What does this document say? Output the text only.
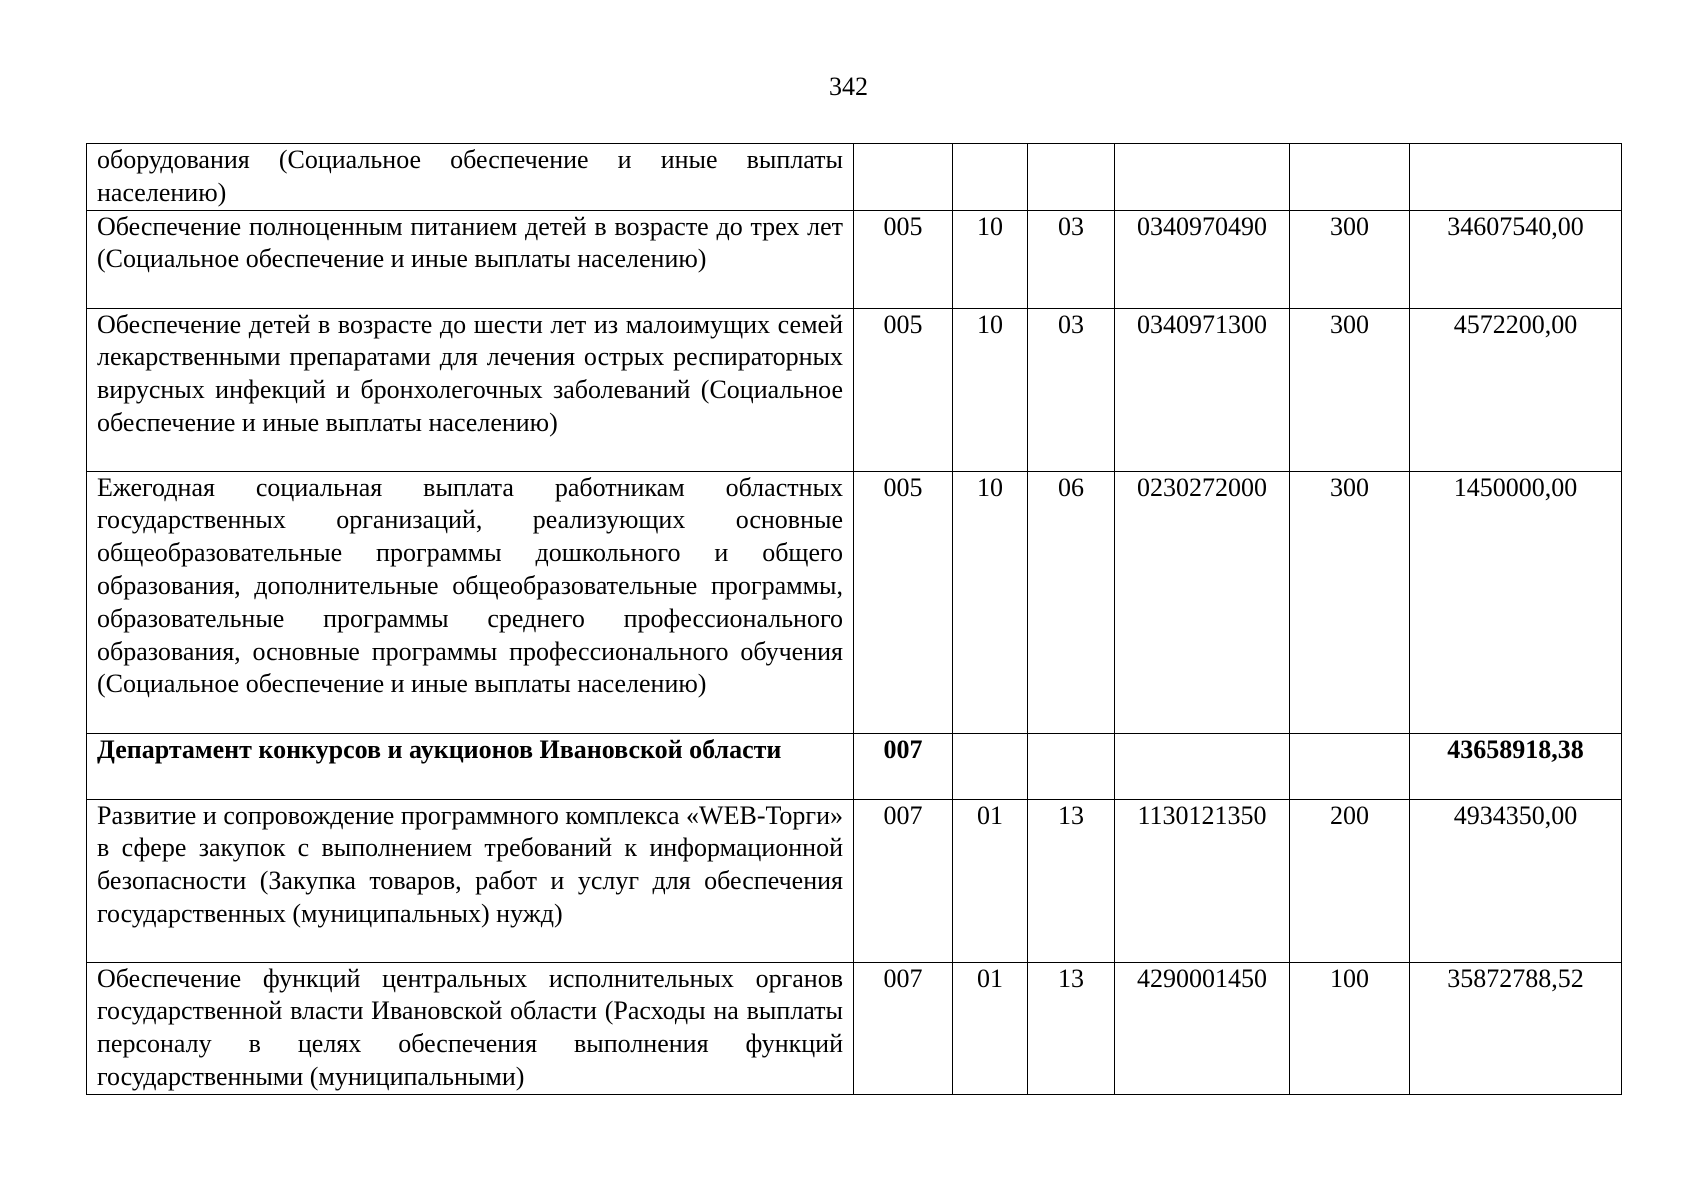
342
оборудования (Социальное обеспечение и иные выплаты населению)						
Обеспечение полноценным питанием детей в возрасте до трех лет (Социальное обеспечение и иные выплаты населению)	005	10	03	0340970490	300	34607540,00
Обеспечение детей в возрасте до шести лет из малоимущих семей лекарственными препаратами для лечения острых респираторных вирусных инфекций и бронхолегочных заболеваний (Социальное обеспечение и иные выплаты населению)	005	10	03	0340971300	300	4572200,00
Ежегодная социальная выплата работникам областных государственных организаций, реализующих основные общеобразовательные программы дошкольного и общего образования, дополнительные общеобразовательные программы, образовательные программы среднего профессионального образования, основные программы профессионального обучения (Социальное обеспечение и иные выплаты населению)	005	10	06	0230272000	300	1450000,00
Департамент конкурсов и аукционов Ивановской области	007					43658918,38
Развитие и сопровождение программного комплекса «WEB-Торги» в сфере закупок с выполнением требований к информационной безопасности (Закупка товаров, работ и услуг для обеспечения государственных (муниципальных) нужд)	007	01	13	1130121350	200	4934350,00
Обеспечение функций центральных исполнительных органов государственной власти Ивановской области (Расходы на выплаты персоналу в целях обеспечения выполнения функций государственными (муниципальными)	007	01	13	4290001450	100	35872788,52
